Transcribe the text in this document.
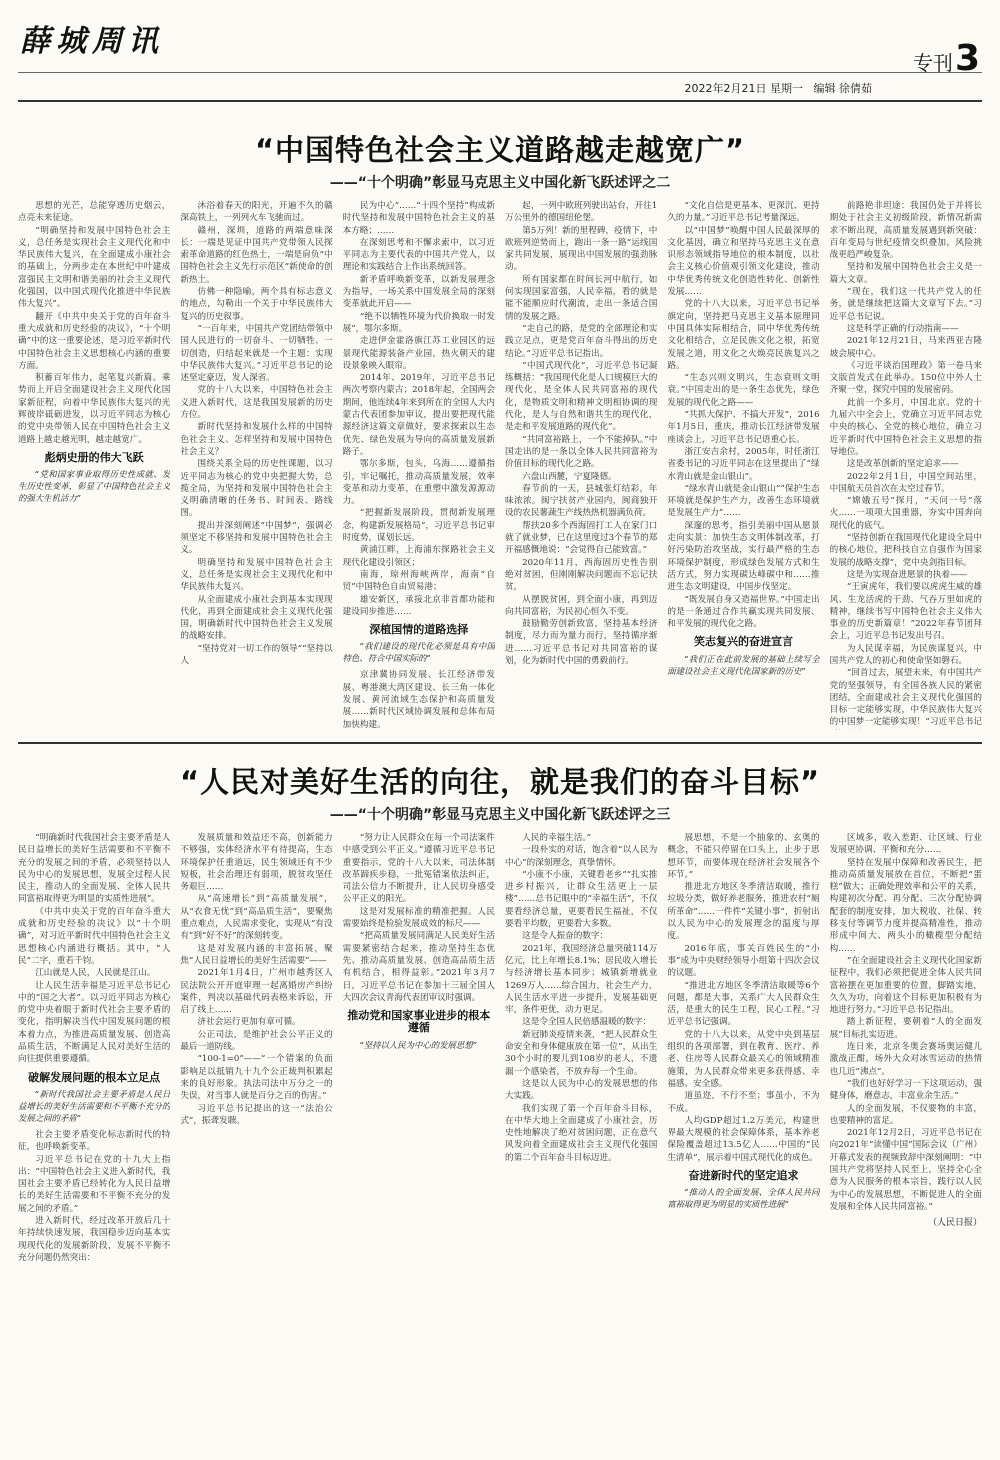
薛城周讯
2022年2月21日 星期一 编辑 徐倩茹
专刊3
“中国特色社会主义道路越走越宽广”
——“十个明确”彰显马克思主义中国化新飞跃述评之二

思想的光芒，总能穿透历史烟云，点亮未来征途。

“明确坚持和发展中国特色社会主义，总任务是实现社会主义现代化和中华民族伟大复兴，在全面建成小康社会的基础上，分两步走在本世纪中叶建成富强民主文明和谐美丽的社会主义现代化强国，以中国式现代化推进中华民族伟大复兴”。

翻开《中共中央关于党的百年奋斗重大成就和历史经验的决议》，“十个明确”中的这一重要论述，是习近平新时代中国特色社会主义思想核心内涵的重要方面。

积蓄百年伟力，起笔复兴新篇。乘势而上开启全面建设社会主义现代化国家新征程，向着中华民族伟大复兴的光辉彼岸砥砺进发，以习近平同志为核心的党中央带领人民在中国特色社会主义道路上越走越光明，越走越宽广。

彪炳史册的伟大飞跃
“党和国家事业取得历史性成就、发生历史性变革，彰显了中国特色社会主义的强大生机活力”

沐浴着春天的阳光，开遍不久的赣深高铁上，一列列火车飞驰而过。

赣州，深圳，道路的两端意味深长：一端是见证中国共产党带领人民探索革命道路的红色热土，一端是肩负“中国特色社会主义先行示范区”新使命的创新热土。

仿佛一种隐喻，两个具有标志意义的地点，勾勒出一个关于中华民族伟大复兴的历史叙事。

“一百年来，中国共产党团结带领中国人民进行的一切奋斗、一切牺牲、一切创造，归结起来就是一个主题：实现中华民族伟大复兴。”习近平总书记的论述坚定豪迈，发人深省。

党的十八大以来，中国特色社会主义进入新时代，这是我国发展新的历史方位。

新时代坚持和发展什么样的中国特色社会主义、怎样坚持和发展中国特色社会主义？

围绕关系全局的历史性课题，以习近平同志为核心的党中央把握大势，总揽全局，为坚持和发展中国特色社会主义明确清晰的任务书、时间表、路线图。

提出并深刻阐述“中国梦”，强调必须坚定不移坚持和发展中国特色社会主义。

明确坚持和发展中国特色社会主义，总任务是实现社会主义现代化和中华民族伟大复兴。

从全面建成小康社会到基本实现现代化，再到全面建成社会主义现代化强国，明确新时代中国特色社会主义发展的战略安排。

“坚持党对一切工作的领导”“坚持以人

民为中心”……“十四个坚持”构成新时代坚持和发展中国特色社会主义的基本方略；……

在深刻思考和不懈求索中，以习近平同志为主要代表的中国共产党人，以理论和实践结合上作出系统回答。

新矛盾呼唤新变革，以新发展理念为指导，一场关系中国发展全局的深刻变革就此开启——

“绝不以牺牲环境为代价换取一时发展”，鄂尔多斯。

走进伊金霍洛旗江苏工业园区的远景现代能源装备产业园，热火朝天的建设景象映入眼帘。

2014年、2019年，习近平总书记两次考察内蒙古；2018年起，全国两会期间，他连续4年来到所在的全国人大内蒙古代表团参加审议，提出要把现代能源经济这篇文章做好，要求探索以生态优先、绿色发展为导向的高质量发展新路子。

鄂尔多斯，包头，乌海……遵循指引，牢记嘱托，推动高质量发展，效率变革和动力变革，在重塑中激发源源动力。

“把握新发展阶段，贯彻新发展理念，构建新发展格局”，习近平总书记审时度势，谋划长远。

黄浦江畔，上海浦东探路社会主义现代化建设引领区；

南海，琼州海峡两岸，海南“自贸”中国特色自由贸易港；

雄安新区，承接北京非首都功能和建设同步推进……

深植国情的道路选择
“我们建设的现代化必须是具有中国特色、符合中国实际的”

京津冀协同发展、长江经济带发展、粤港澳大湾区建设、长三角一体化发展、黄河流域生态保护和高质量发展……新时代区域协调发展和总体布局加快构建。

起，一列中欧班列驶出站台，开往1万公里外的德国纽伦堡。

第5万列！新的里程碑，疫情下，中欧班列逆势而上，跑出一条一路“运线国家共同发展，展现出中国发展的强劲脉动。

所有国家都在时间长河中航行，如何实现国家富强，人民幸福，看的就是能不能顺应时代潮流，走出一条适合国情的发展之路。

“走自己的路，是党的全部理论和实践立足点，更是党百年奋斗得出的历史结论。”习近平总书记指出。

“中国式现代化”，习近平总书记凝练概括：“我国现代化是人口规模巨大的现代化，是全体人民共同富裕的现代化，是物质文明和精神文明相协调的现代化，是人与自然和谐共生的现代化，是走和平发展道路的现代化”。

“共同富裕路上，一个不能掉队。”中国走出的是一条以全体人民共同富裕为价值目标的现代化之路。

六盘山西麓，宁夏隆德。

春节前的一天，县城张灯结彩，年味浓浓。闽宁扶贫产业园内，闽商独开设的农民薯蔬生产线热热机器满负荷。

帮扶20多个西海固打工人在家门口就了就业梦，已在这里度过3个春节的郑开福感慨地说：“会觉得自己能致富。”

2020年11月，西海固历史性告别绝对贫困，但刚刚解决问题而不忘记扶贫，

从摆脱贫困，到全面小康，再到迈向共同富裕，为民初心恒久不变。

鼓励勤劳创新致富，坚持基本经济制度，尽力而为量力而行，坚持循序渐进……习近平总书记对共同富裕的谋划，化为新时代中国的勇毅前行。

“文化自信是更基本、更深沉、更持久的力量。”习近平总书记考量深远。

以“中国梦”唤醒中国人民最深厚的文化基因，确立和坚持马克思主义在意识形态领域指导地位的根本制度，以社会主义核心价值观引领文化建设，推动中华优秀传统文化创造性转化、创新性发展……

党的十八大以来，习近平总书记举旗定向，坚持把马克思主义基本原理同中国具体实际相结合，同中华优秀传统文化相结合，立足民族文化之根，拓宽发展之道，用文化之火焕亮民族复兴之路。

“生态兴则文明兴，生态衰则文明衰。”中国走出的是一条生态优先，绿色发展的现代化之路——

“共抓大保护、不搞大开发”，2016年1月5日，重庆，推动长江经济带发展座谈会上，习近平总书记语重心长。

浙江安吉余村，2005年，时任浙江省委书记的习近平同志在这里提出了“绿水青山就是金山银山”。

“绿水青山就是金山银山”“保护生态环境就是保护生产力，改善生态环境就是发展生产力”……

深邃的思考，指引美丽中国从愿景走向实景：加快生态文明体制改革，打好污染防治攻坚战，实行最严格的生态环境保护制度，形成绿色发展方式和生活方式，努力实现碳达峰碳中和……推进生态文明建设，中国步伐坚定。

“既发展自身又造福世界。”中国走出的是一条通过合作共赢实现共同发展、和平发展的现代化之路。

笑志复兴的奋进宣言
“我们正在此前发展的基础上续写全面建设社会主义现代化国家新的历史”

前路艳非坦途：我国仍处于并将长期处于社会主义初级阶段，新情况新需求不断出现，高质量发展遇到新突破：百年变局与世纪疫情交织叠加，风险挑战更趋严峻复杂。

坚持和发展中国特色社会主义是一篇大文章。

“现在，我们这一代共产党人的任务，就是继续把这篇大文章写下去。”习近平总书记说。

这是科学正确的行动指南——

2021年12月21日，马来西亚吉隆坡会展中心。

《习近平谈治国理政》第一卷马来文版首发式在此举办。150位中外人士齐聚一堂，探究中国的发展密码。

此前一个多月，中国北京。党的十九届六中全会上，党确立习近平同志党中央的核心、全党的核心地位，确立习近平新时代中国特色社会主义思想的指导地位。

这是改革创新的坚定追求——

2022年2月1日，中国空间站里，中国航天员首次在太空过春节。

“嫦娥五号”探月，“天问一号”落火……一项项大国重器，夯实中国奔向现代化的底气。

“坚持创新在我国现代化建设全局中的核心地位，把科技自立自强作为国家发展的战略支撑”，党中央剑指目标。

这是为实现奋进愿景的执着——

“王寅虎年，我们要以虎虎生威的雄风、生龙活虎的干劲、气吞万里如虎的精神，继续书写中国特色社会主义伟大事业的历史新篇章！”2022年春节团拜会上，习近平总书记发出号召。

为人民谋幸福，为民族谋复兴，中国共产党人的初心和使命坚如磐石。

“回首过去，展望未来，有中国共产党的坚强领导，有全国各族人民的紧密团结，全面建成社会主义现代化强国的目标一定能够实现，中华民族伟大复兴的中国梦一定能够实现！”习近平总书记

“人民对美好生活的向往，就是我们的奋斗目标”
——“十个明确”彰显马克思主义中国化新飞跃述评之三

“明确新时代我国社会主要矛盾是人民日益增长的美好生活需要和不平衡不充分的发展之间的矛盾，必须坚持以人民为中心的发展思想，发展全过程人民民主，推动人的全面发展、全体人民共同富裕取得更为明显的实质性进展”。

《中共中央关于党的百年奋斗重大成就和历史经验的决议》以“十个明确”，对习近平新时代中国特色社会主义思想核心内涵进行概括。其中，“人民”二字，重若千钧。

江山就是人民，人民就是江山。

让人民生活幸福是习近平总书记心中的“国之大者”。以习近平同志为核心的党中央着眼于新时代社会主要矛盾的变化，指明解决当代中国发展问题的根本着力点，为推进高质量发展、创造高品质生活，不断满足人民对美好生活的向往提供重要遵循。

破解发展问题的根本立足点
“新时代我国社会主要矛盾是人民日益增长的美好生活需要和不平衡不充分的发展之间的矛盾”

社会主要矛盾变化标志新时代的特征，也呼唤新变革。

习近平总书记在党的十九大上指出：“中国特色社会主义进入新时代，我国社会主要矛盾已经转化为人民日益增长的美好生活需要和不平衡不充分的发展之间的矛盾。”

进入新时代，经过改革开放后几十年持续快速发展，我国稳步迈向基本实现现代化的发展新阶段，发展不平衡不充分问题仍然突出：

发展质量和效益还不高，创新能力不够强，实体经济水平有待提高，生态环境保护任重道远，民生领域还有不少短板，社会治理还有弱项，脱贫攻坚任务艰巨……

从“高速增长”到“高质量发展”，从“衣食无忧”到“高品质生活”，要聚焦重点难点，人民需求变化，实现从“有没有”到“好不好”的深刻转变。

这是对发展内涵的丰富拓展，聚焦“人民日益增长的美好生活需要”——

2021年1月4日，广州市越秀区人民法院公开开庭审理一起离婚房产纠纷案件，判决以基础代码表格来诉讼，开启了线上……

济社会运行更加有章可循。

公正司法，是维护社会公平正义的最后一道防线。

“100-1=0”——“一个错案的负面影响足以抵销九十九个公正裁判积累起来的良好形象。执法司法中万分之一的失误，对当事人就是百分之百的伤害。”

习近平总书记提出的这一“法治公式”，振聋发聩。

“努力让人民群众在每一个司法案件中感受到公平正义。”遵循习近平总书记重要指示，党的十八大以来，司法体制改革蹄疾步稳，一批冤错案依法纠正，司法公信力不断提升，让人民切身感受公平正义的阳光。

这是对发展标准的精准把握。人民需要始终是检验发展成效的标尺——

“把高质量发展同满足人民美好生活需要紧密结合起来，推动坚持生态优先、推动高质量发展、创造高品质生活有机结合，相得益彰。”2021年3月7日，习近平总书记在参加十三届全国人大四次会议青海代表团审议时强调。

推动党和国家事业进步的根本遵循
“坚持以人民为中心的发展思想”

人民的幸福生活。”

一段朴实的对话，饱含着“以人民为中心”的深刻理念，真挚情怀。

“小康不小康，关键看老乡”“扎实推进乡村振兴，让群众生活更上一层楼”……总书记眼中的“幸福生活”，不仅要看经济总量，更要看民生福祉，不仅要看平均数，更要看大多数。

这是令人振奋的数字：

2021年，我国经济总量突破114万亿元，比上年增长8.1%；居民收入增长与经济增长基本同步；城镇新增就业1269万人……综合国力，社会生产力，人民生活水平进一步提升，发展基础更牢，条件更优，动力更足。

这是令全国人民倍感温暖的数字：

新冠肺炎疫情来袭，“把人民群众生命安全和身体健康放在第一位”，从出生30个小时的婴儿到108岁的老人，不遗漏一个感染者，不放弃每一个生命。

这是以人民为中心的发展思想的伟大实践。

我们实现了第一个百年奋斗目标，在中华大地上全面建成了小康社会，历史性地解决了绝对贫困问题，正在意气风发向着全面建成社会主义现代化强国的第二个百年奋斗目标迈进。

展思想，不是一个抽象的、玄奥的概念，不能只停留在口头上，止步于思想环节，而要体现在经济社会发展各个环节。”

推进北方地区冬季清洁取暖，推行垃圾分类，做好养老服务，推进农村“厕所革命”……一件件“关键小事”，折射出以人民为中心的发展理念的温度与厚度。

2016年底，事关百姓民生的“小事”成为中央财经领导小组第十四次会议的议题。

“推进北方地区冬季清洁取暖等6个问题，都是大事，关系广大人民群众生活，是重大的民生工程，民心工程。”习近平总书记强调。

党的十八大以来，从党中央到基层组织的各项部署，到在教育、医疗、养老、住房等人民群众最关心的领域精准施策，为人民群众带来更多获得感、幸福感、安全感。

道虽迩，不行不至；事虽小，不为不成。

人均GDP超过1.2万美元，构建世界最大规模的社会保障体系，基本养老保险覆盖超过13.5亿人……中国的“民生清单”，展示着中国式现代化的成色。

奋进新时代的坚定追求
“推动人的全面发展、全体人民共同富裕取得更为明显的实质性进展”

区域多，收入差距、让区域、行业发展更协调、平衡和充分……

坚持在发展中保障和改善民生，把推动高质量发展放在首位，不断把“蛋糕”做大；正确处理效率和公平的关系，构建初次分配、再分配、三次分配协调配套的制度安排，加大税收、社保、转移支付等调节力度并提高精准性，推动形成中间大、两头小的橄榄型分配结构……

“在全面建设社会主义现代化国家新征程中，我们必须把促进全体人民共同富裕摆在更加重要的位置，脚踏实地，久久为功，向着这个目标更加积极有为地进行努力。”习近平总书记指出。

踏上新征程，要朝着“人的全面发展”目标扎实迈进。

连日来，北京冬奥会赛场奥运健儿激战正酣，场外大众对冰雪运动的热情也几近“沸点”。

“我们也好好学习一下这项运动，强健身体，磨意志，丰富业余生活。”

人的全面发展，不仅要物的丰富，也要精神的富足。

2021年12月2日，习近平总书记在向2021年“读懂中国”国际会议（广州）开幕式发表的视频致辞中深刻阐明：“中国共产党将坚持人民至上，坚持全心全意为人民服务的根本宗旨，践行以人民为中心的发展思想，不断促进人的全面发展和全体人民共同富裕。”

（人民日报）
